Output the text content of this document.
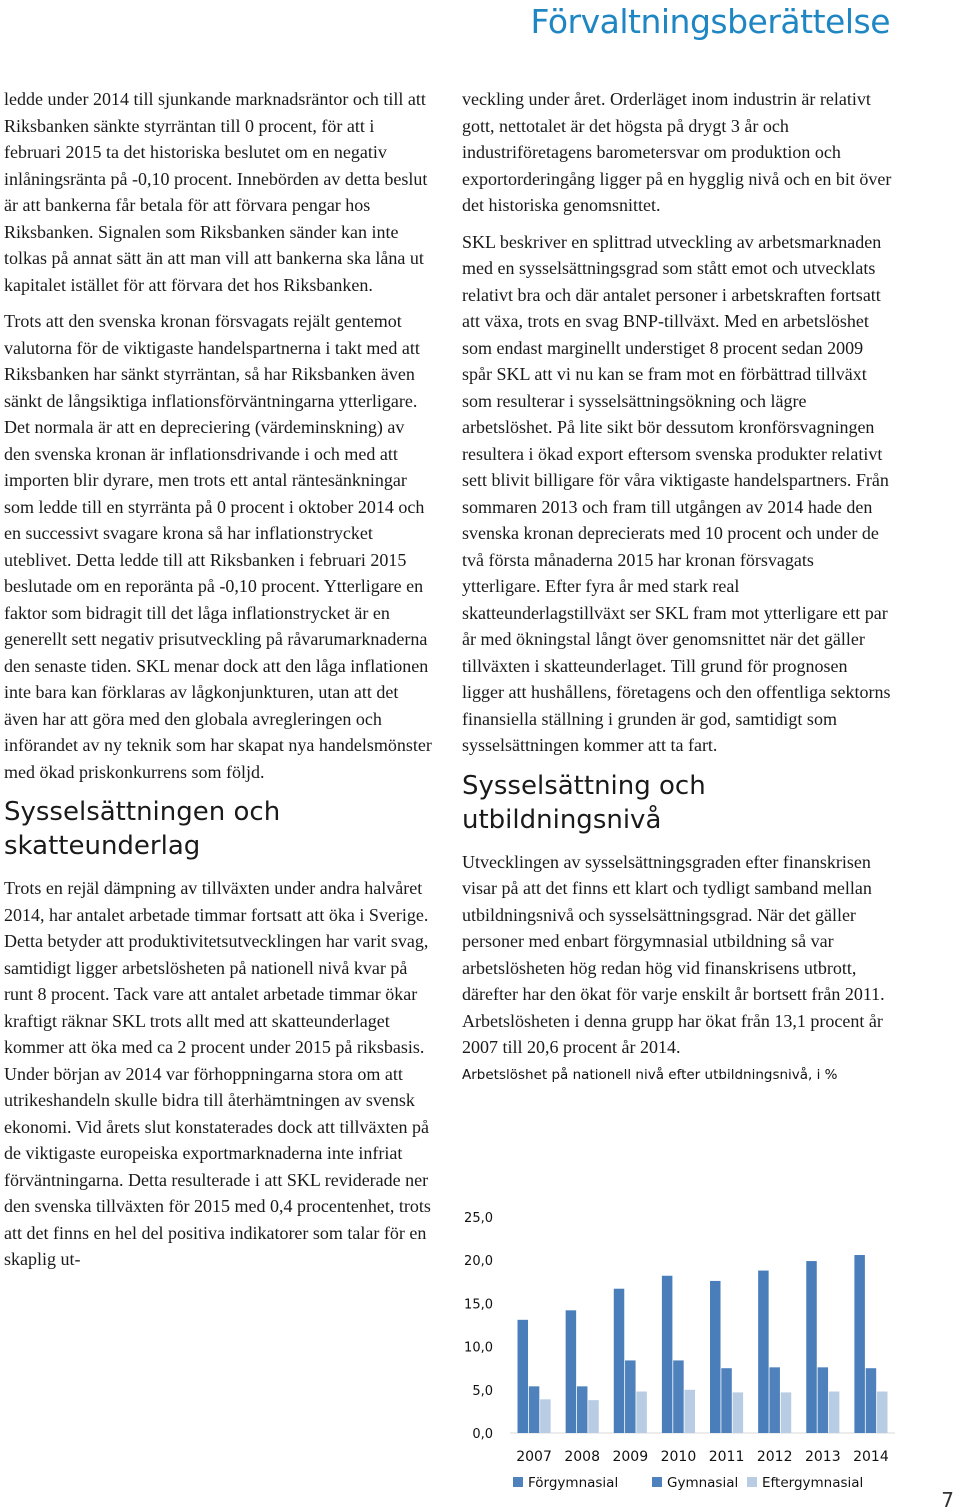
Förvaltningsberättelse

ledde under 2014 till sjunkande marknadsräntor och till att Riksbanken sänkte styrräntan till 0 procent, för att i februari 2015 ta det historiska beslutet om en negativ inlåningsränta på -0,10 procent. Innebörden av detta beslut är att bankerna får betala för att förvara pengar hos Riksbanken. Signalen som Riksbanken sänder kan inte tolkas på annat sätt än att man vill att bankerna ska låna ut kapitalet istället för att förvara det hos Riksbanken.

Trots att den svenska kronan försvagats rejält gentemot valutorna för de viktigaste handelspartnerna i takt med att Riksbanken har sänkt styrräntan, så har Riksbanken även sänkt de långsiktiga inflationsförväntningarna ytterligare. Det normala är att en depreciering (värdeminskning) av den svenska kronan är inflationsdrivande i och med att importen blir dyrare, men trots ett antal räntesänkningar som ledde till en styrränta på 0 procent i oktober 2014 och en successivt svagare krona så har inflationstrycket uteblivet. Detta ledde till att Riksbanken i februari 2015 beslutade om en reporänta på -0,10 procent. Ytterligare en faktor som bidragit till det låga inflationstrycket är en generellt sett negativ prisutveckling på råvarumarknaderna den senaste tiden. SKL menar dock att den låga inflationen inte bara kan förklaras av lågkonjunkturen, utan att det även har att göra med den globala avregleringen och införandet av ny teknik som har skapat nya handelsmönster med ökad priskonkurrens som följd.

Sysselsättningen och skatteunderlag

Trots en rejäl dämpning av tillväxten under andra halvåret 2014, har antalet arbetade timmar fortsatt att öka i Sverige. Detta betyder att produktivitetsutvecklingen har varit svag, samtidigt ligger arbetslösheten på nationell nivå kvar på runt 8 procent. Tack vare att antalet arbetade timmar ökar kraftigt räknar SKL trots allt med att skatteunderlaget kommer att öka med ca 2 procent under 2015 på riksbasis. Under början av 2014 var förhoppningarna stora om att utrikeshandeln skulle bidra till återhämtningen av svensk ekonomi. Vid årets slut konstaterades dock att tillväxten på de viktigaste europeiska exportmarknaderna inte infriat förväntningarna. Detta resulterade i att SKL reviderade ner den svenska tillväxten för 2015 med 0,4 procentenhet, trots att det finns en hel del positiva indikatorer som talar för en skaplig ut-

veckling under året. Orderläget inom industrin är relativt gott, nettotalet är det högsta på drygt 3 år och industriföretagens barometersvar om produktion och exportorderingång ligger på en hygglig nivå och en bit över det historiska genomsnittet.

SKL beskriver en splittrad utveckling av arbetsmarknaden med en sysselsättningsgrad som stått emot och utvecklats relativt bra och där antalet personer i arbetskraften fortsatt att växa, trots en svag BNP-tillväxt. Med en arbetslöshet som endast marginellt understiget 8 procent sedan 2009 spår SKL att vi nu kan se fram mot en förbättrad tillväxt som resulterar i sysselsättningsökning och lägre arbetslöshet. På lite sikt bör dessutom kronförsvagningen resultera i ökad export eftersom svenska produkter relativt sett blivit billigare för våra viktigaste handelspartners. Från sommaren 2013 och fram till utgången av 2014 hade den svenska kronan deprecierats med 10 procent och under de två första månaderna 2015 har kronan försvagats ytterligare. Efter fyra år med stark real skatteunderlagstillväxt ser SKL fram mot ytterligare ett par år med ökningstal långt över genomsnittet när det gäller tillväxten i skatteunderlaget. Till grund för prognosen ligger att hushållens, företagens och den offentliga sektorns finansiella ställning i grunden är god, samtidigt som sysselsättningen kommer att ta fart.

Sysselsättning och utbildningsnivå

Utvecklingen av sysselsättningsgraden efter finanskrisen visar på att det finns ett klart och tydligt samband mellan utbildningsnivå och sysselsättningsgrad. När det gäller personer med enbart förgymnasial utbildning så var arbetslösheten hög redan hög vid finanskrisens utbrott, därefter har den ökat för varje enskilt år bortsett från 2011. Arbetslösheten i denna grupp har ökat från 13,1 procent år 2007 till 20,6 procent år 2014.

Arbetslöshet på nationell nivå efter utbildningsnivå, i %
0,0
5,0
10,0
15,0
20,0
25,0
2007 2008 2009 2010 2011 2012 2013 2014
Förgymnasial	Gymnasial Eftergymnasial
7
